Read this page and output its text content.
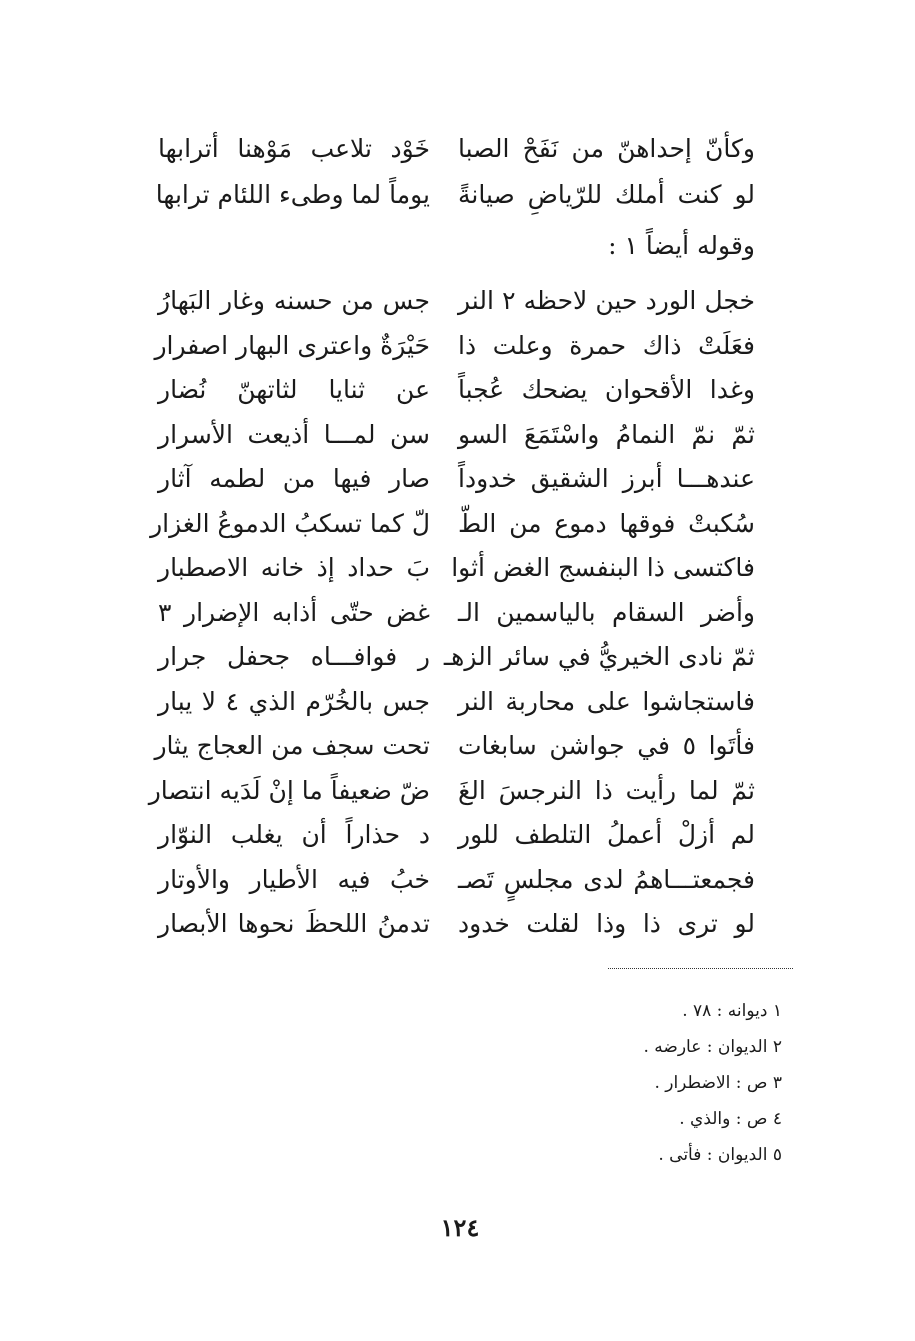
وكأنّ إحداهنّ من نَفَحْ الصبا
خَوْد تلاعب مَوْهنا أترابها
لو كنت أملك للرّياضِ صيانةً
يوماً لما وطىء اللئام ترابها
وقوله أيضاً ١ :
خجل الورد حين لاحظه ٢ النر
جس من حسنه وغار البَهارُ
فعَلَتْ ذاك حمرة وعلت ذا
حَيْرَةٌ واعترى البهار اصفرار
وغدا الأقحوان يضحك عُجباً
عن ثنايا لثاتهنّ نُضار
ثمّ نمّ النمامُ واسْتَمَعَ السو
سن لمـــا أذيعت الأسرار
عندهـــا أبرز الشقيق خدوداً
صار فيها من لطمه آثار
سُكبتْ فوقها دموع من الطّ
لّ كما تسكبُ الدموعُ الغزار
فاكتسى ذا البنفسج الغض أثوا
بَ حداد إذ خانه الاصطبار
وأضر السقام بالياسمين الـ
غض حتّى أذابه الإضرار ٣
ثمّ نادى الخيريُّ في سائر الزهـ
ر فوافـــاه جحفل جرار
فاستجاشوا على محاربة النر
جس بالخُرّم الذي ٤ لا يبار
فأتَوا ٥ في جواشن سابغات
تحت سجف من العجاج يثار
ثمّ لما رأيت ذا النرجسَ الغَ
ضّ ضعيفاً ما إنْ لَدَيه انتصار
لم أزلْ أعملُ التلطف للور
د حذاراً أن يغلب النوّار
فجمعتـــاهمُ لدى مجلسٍ تَصـ
خبُ فيه الأطيار والأوتار
لو ترى ذا وذا لقلت خدود
تدمنُ اللحظَ نحوها الأبصار
١ ديوانه : ٧٨ .
٢ الديوان : عارضه .
٣ ص : الاضطرار .
٤ ص : والذي .
٥ الديوان : فأتى .
١٢٤
